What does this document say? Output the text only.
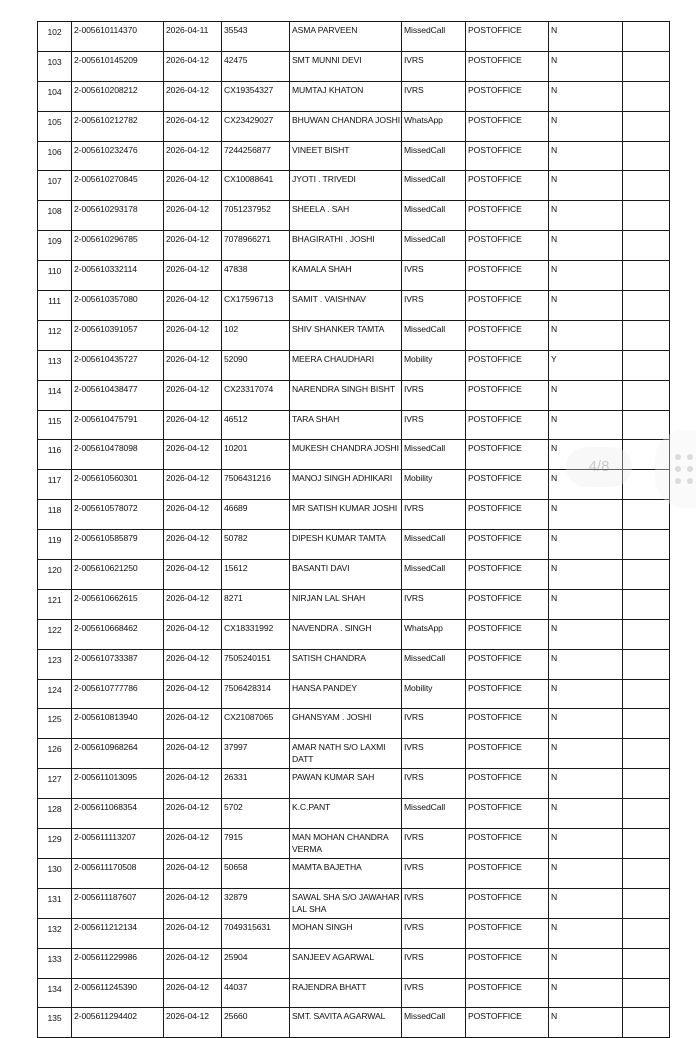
102	2-005610114370	2026-04-11	35543	ASMA PARVEEN	MissedCall	POSTOFFICE	N	

103	2-005610145209	2026-04-12	42475	SMT MUNNI DEVI	IVRS	POSTOFFICE	N	

104	2-005610208212	2026-04-12	CX19354327	MUMTAJ KHATON	IVRS	POSTOFFICE	N	

105	2-005610212782	2026-04-12	CX23429027	BHUWAN CHANDRA JOSHI	WhatsApp	POSTOFFICE	N	

106	2-005610232476	2026-04-12	7244256877	VINEET BISHT	MissedCall	POSTOFFICE	N	

107	2-005610270845	2026-04-12	CX10088641	JYOTI . TRIVEDI	MissedCall	POSTOFFICE	N	

108	2-005610293178	2026-04-12	7051237952	SHEELA . SAH	MissedCall	POSTOFFICE	N	

109	2-005610296785	2026-04-12	7078966271	BHAGIRATHI . JOSHI	MissedCall	POSTOFFICE	N	

110	2-005610332114	2026-04-12	47838	KAMALA SHAH	IVRS	POSTOFFICE	N	

111	2-005610357080	2026-04-12	CX17596713	SAMIT . VAISHNAV	IVRS	POSTOFFICE	N	

112	2-005610391057	2026-04-12	102	SHIV SHANKER TAMTA	MissedCall	POSTOFFICE	N	

113	2-005610435727	2026-04-12	52090	MEERA CHAUDHARI	Mobility	POSTOFFICE	Y	

114	2-005610438477	2026-04-12	CX23317074	NARENDRA SINGH BISHT	IVRS	POSTOFFICE	N	

115	2-005610475791	2026-04-12	46512	TARA SHAH	IVRS	POSTOFFICE	N	

116	2-005610478098	2026-04-12	10201	MUKESH CHANDRA JOSHI	MissedCall	POSTOFFICE	N	

117	2-005610560301	2026-04-12	7506431216	MANOJ SINGH ADHIKARI	Mobility	POSTOFFICE	N	

118	2-005610578072	2026-04-12	46689	MR SATISH KUMAR JOSHI	IVRS	POSTOFFICE	N	

119	2-005610585879	2026-04-12	50782	DIPESH KUMAR TAMTA	MissedCall	POSTOFFICE	N	

120	2-005610621250	2026-04-12	15612	BASANTI DAVI	MissedCall	POSTOFFICE	N	

121	2-005610662615	2026-04-12	8271	NIRJAN LAL SHAH	IVRS	POSTOFFICE	N	

122	2-005610668462	2026-04-12	CX18331992	NAVENDRA . SINGH	WhatsApp	POSTOFFICE	N	

123	2-005610733387	2026-04-12	7505240151	SATISH CHANDRA	MissedCall	POSTOFFICE	N	

124	2-005610777786	2026-04-12	7506428314	HANSA PANDEY	Mobility	POSTOFFICE	N	

125	2-005610813940	2026-04-12	CX21087065	GHANSYAM . JOSHI	IVRS	POSTOFFICE	N	

126	2-005610968264	2026-04-12	37997	AMAR NATH S/O LAXMI DATT	IVRS	POSTOFFICE	N	

127	2-005611013095	2026-04-12	26331	PAWAN KUMAR SAH	IVRS	POSTOFFICE	N	

128	2-005611068354	2026-04-12	5702	K.C.PANT	MissedCall	POSTOFFICE	N	

129	2-005611113207	2026-04-12	7915	MAN MOHAN CHANDRA VERMA	IVRS	POSTOFFICE	N	

130	2-005611170508	2026-04-12	50658	MAMTA BAJETHA	IVRS	POSTOFFICE	N	

131	2-005611187607	2026-04-12	32879	SAWAL SHA S/O JAWAHAR LAL SHA	IVRS	POSTOFFICE	N	

132	2-005611212134	2026-04-12	7049315631	MOHAN SINGH	IVRS	POSTOFFICE	N	

133	2-005611229986	2026-04-12	25904	SANJEEV AGARWAL	IVRS	POSTOFFICE	N	

134	2-005611245390	2026-04-12	44037	RAJENDRA BHATT	IVRS	POSTOFFICE	N	

135	2-005611294402	2026-04-12	25660	SMT. SAVITA AGARWAL	MissedCall	POSTOFFICE	N	

4/8
